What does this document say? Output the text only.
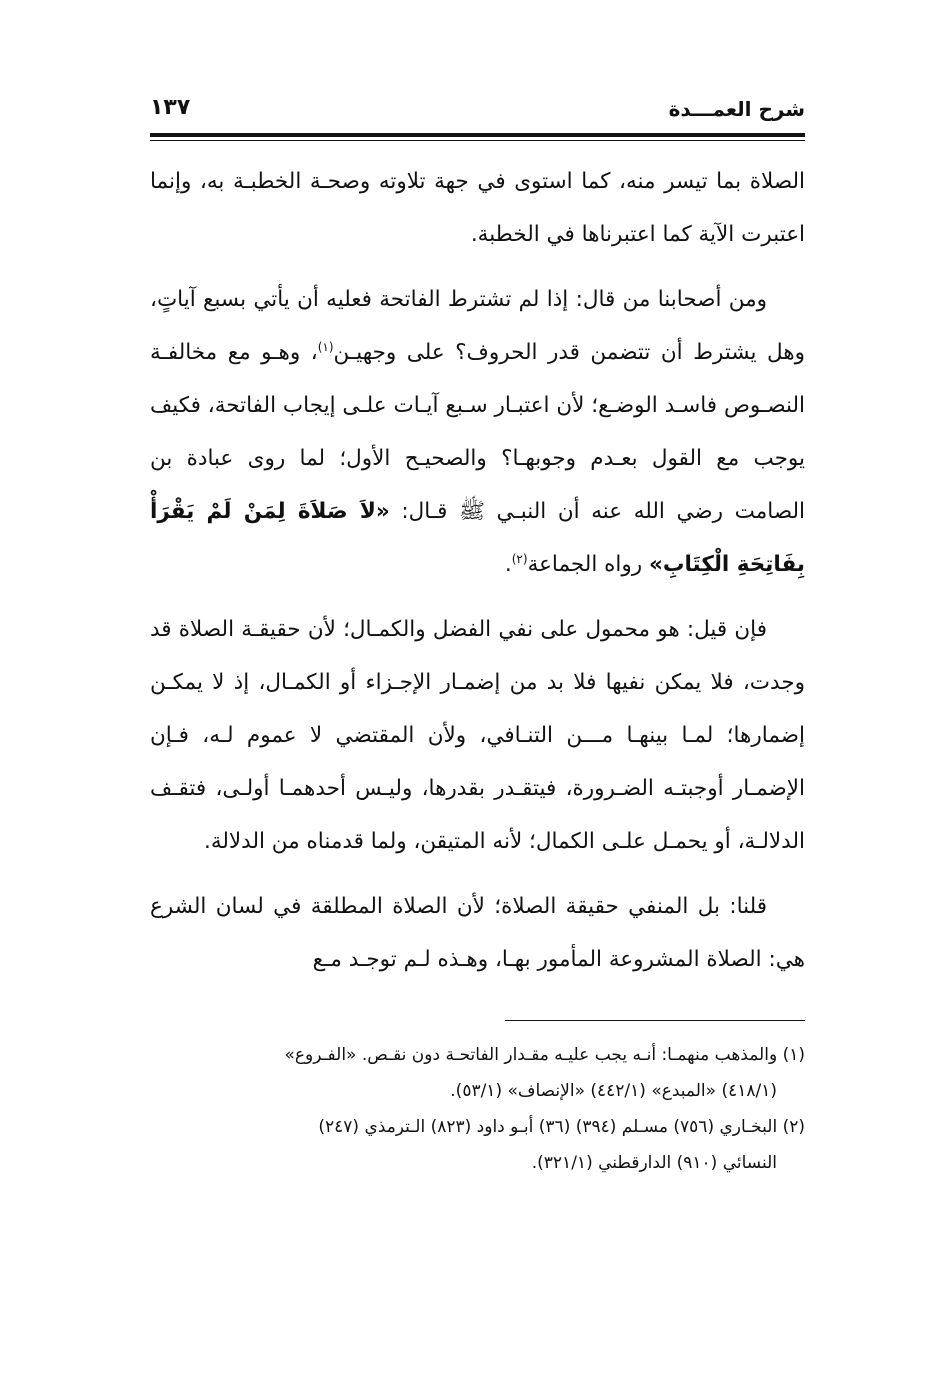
شرح العمـــدة
١٣٧

الصلاة بما تيسر منه، كما استوى في جهة تلاوته وصحـة الخطبـة به، وإنما اعتبرت الآية كما اعتبرناها في الخطبة.

ومن أصحابنا من قال: إذا لم تشترط الفاتحة فعليه أن يأتي بسبع آياتٍ، وهل يشترط أن تتضمن قدر الحروف؟ على وجهيـن$^{(١)}$، وهـو مع مخالفـة النصـوص فاسـد الوضـع؛ لأن اعتبـار سـبع آيـات علـى إيجاب الفاتحة، فكيف يوجب مع القول بعـدم وجوبهـا؟ والصحيـح الأول؛ لما روى عبادة بن الصامت رضي الله عنه أن النبـي ﷺ قـال: «لاَ صَلاَةَ لِمَنْ لَمْ يَقْرَأْ بِفَاتِحَةِ الْكِتَابِ» رواه الجماعة$^{(٢)}$.

فإن قيل: هو محمول على نفي الفضل والكمـال؛ لأن حقيقـة الصلاة قد وجدت، فلا يمكن نفيها فلا بد من إضمـار الإجـزاء أو الكمـال، إذ لا يمكـن إضمارها؛ لمـا بينهـا مـــن التنـافي، ولأن المقتضي لا عموم لـه، فـإن الإضمـار أوجبتـه الضـرورة، فيتقـدر بقدرها، وليـس أحدهمـا أولـى، فتقـف الدلالـة، أو يحمـل علـى الكمال؛ لأنه المتيقن، ولما قدمناه من الدلالة.

قلنا: بل المنفي حقيقة الصلاة؛ لأن الصلاة المطلقة في لسان الشرع هي: الصلاة المشروعة المأمور بهـا، وهـذه لـم توجـد مـع

(١) والمذهب منهمـا: أنـه يجب عليـه مقـدار الفاتحـة دون نقـص. «الفـروع»

(٤١٨/١) «المبدع» (٤٤٢/١) «الإنصاف» (٥٣/١).

(٢) البخـاري (٧٥٦) مسـلم (٣٩٤) (٣٦) أبـو داود (٨٢٣) الـترمذي (٢٤٧)

النسائي (٩١٠) الدارقطني (٣٢١/١).
